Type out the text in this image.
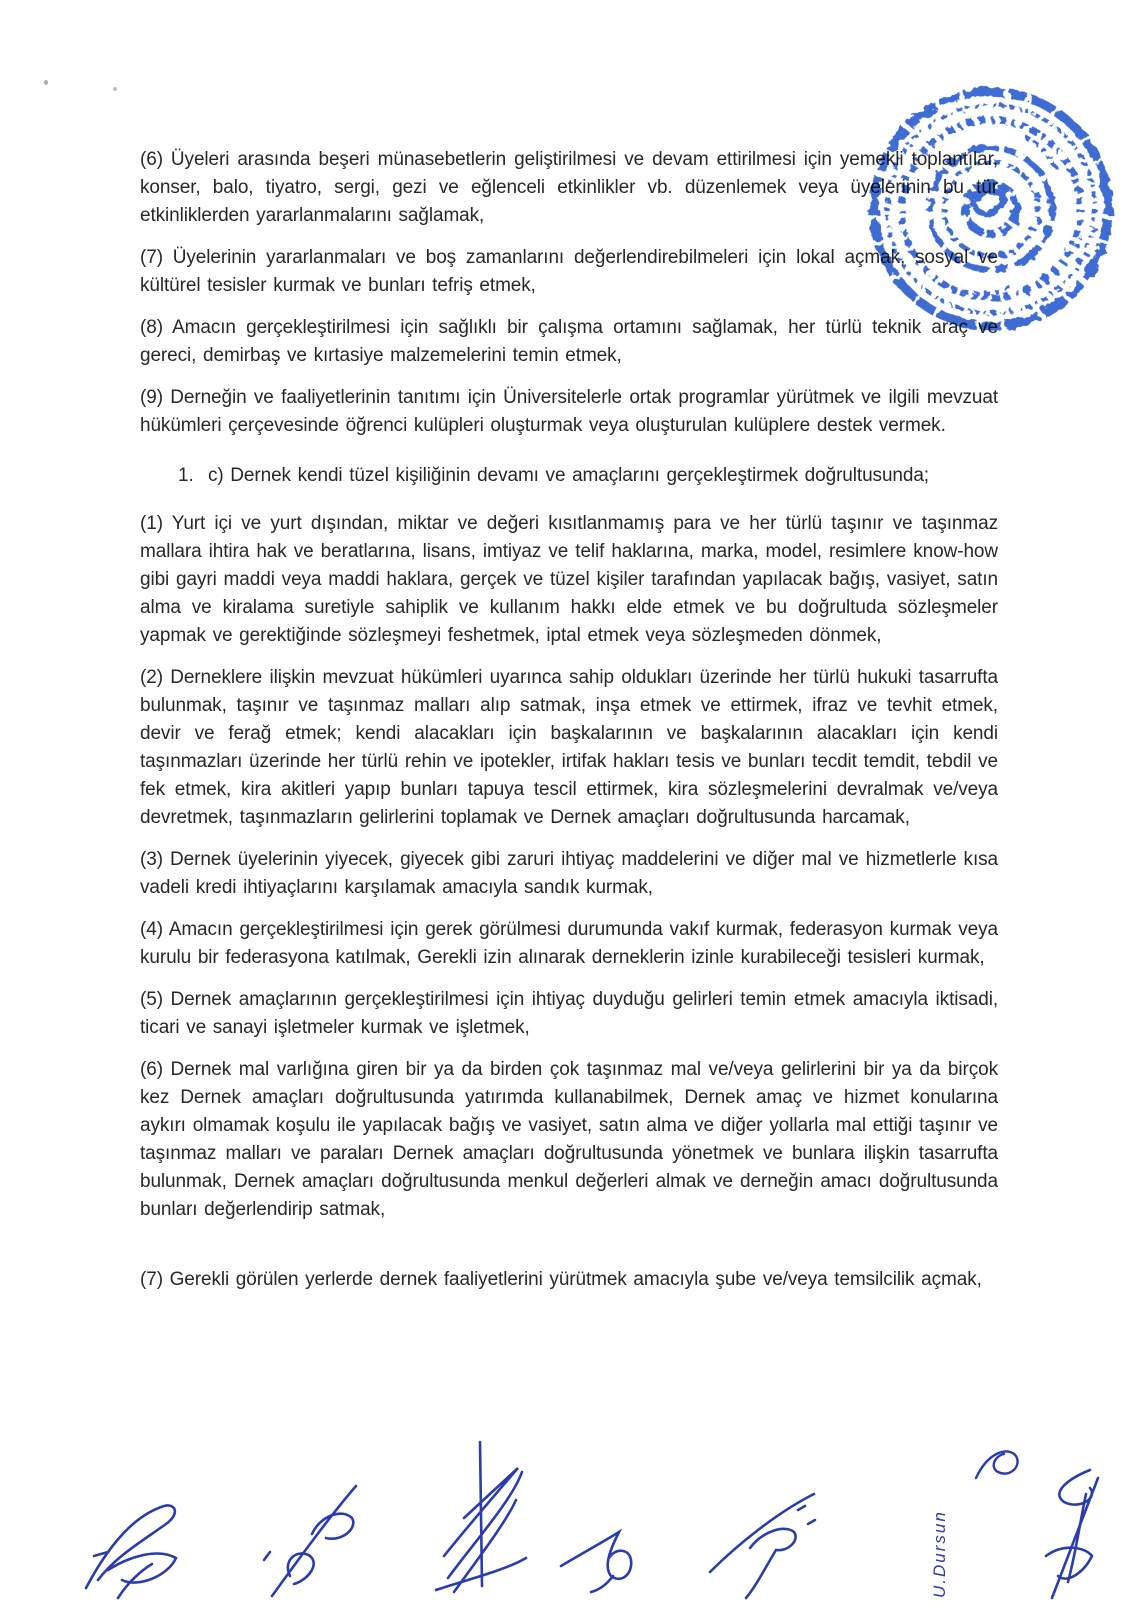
(6) Üyeleri arasında beşeri münasebetlerin geliştirilmesi ve devam ettirilmesi için yemekli toplantılar, konser, balo, tiyatro, sergi, gezi ve eğlenceli etkinlikler vb. düzenlemek veya üyelerinin bu tür etkinliklerden yararlanmalarını sağlamak,

(7) Üyelerinin yararlanmaları ve boş zamanlarını değerlendirebilmeleri için lokal açmak, sosyal ve kültürel tesisler kurmak ve bunları tefriş etmek,

(8) Amacın gerçekleştirilmesi için sağlıklı bir çalışma ortamını sağlamak, her türlü teknik araç ve gereci, demirbaş ve kırtasiye malzemelerini temin etmek,

(9) Derneğin ve faaliyetlerinin tanıtımı için Üniversitelerle ortak programlar yürütmek ve ilgili mevzuat hükümleri çerçevesinde öğrenci kulüpleri oluşturmak veya oluşturulan kulüplere destek vermek.

1. c) Dernek kendi tüzel kişiliğinin devamı ve amaçlarını gerçekleştirmek doğrultusunda;

(1) Yurt içi ve yurt dışından, miktar ve değeri kısıtlanmamış para ve her türlü taşınır ve taşınmaz mallara ihtira hak ve beratlarına, lisans, imtiyaz ve telif haklarına, marka, model, resimlere know-how gibi gayri maddi veya maddi haklara, gerçek ve tüzel kişiler tarafından yapılacak bağış, vasiyet, satın alma ve kiralama suretiyle sahiplik ve kullanım hakkı elde etmek ve bu doğrultuda sözleşmeler yapmak ve gerektiğinde sözleşmeyi feshetmek, iptal etmek veya sözleşmeden dönmek,

(2) Derneklere ilişkin mevzuat hükümleri uyarınca sahip oldukları üzerinde her türlü hukuki tasarrufta bulunmak, taşınır ve taşınmaz malları alıp satmak, inşa etmek ve ettirmek, ifraz ve tevhit etmek, devir ve ferağ etmek; kendi alacakları için başkalarının ve başkalarının alacakları için kendi taşınmazları üzerinde her türlü rehin ve ipotekler, irtifak hakları tesis ve bunları tecdit temdit, tebdil ve fek etmek, kira akitleri yapıp bunları tapuya tescil ettirmek, kira sözleşmelerini devralmak ve/veya devretmek, taşınmazların gelirlerini toplamak ve Dernek amaçları doğrultusunda harcamak,

(3) Dernek üyelerinin yiyecek, giyecek gibi zaruri ihtiyaç maddelerini ve diğer mal ve hizmetlerle kısa vadeli kredi ihtiyaçlarını karşılamak amacıyla sandık kurmak,

(4) Amacın gerçekleştirilmesi için gerek görülmesi durumunda vakıf kurmak, federasyon kurmak veya kurulu bir federasyona katılmak, Gerekli izin alınarak derneklerin izinle kurabileceği tesisleri kurmak,

(5) Dernek amaçlarının gerçekleştirilmesi için ihtiyaç duyduğu gelirleri temin etmek amacıyla iktisadi, ticari ve sanayi işletmeler kurmak ve işletmek,

(6) Dernek mal varlığına giren bir ya da birden çok taşınmaz mal ve/veya gelirlerini bir ya da birçok kez Dernek amaçları doğrultusunda yatırımda kullanabilmek, Dernek amaç ve hizmet konularına aykırı olmamak koşulu ile yapılacak bağış ve vasiyet, satın alma ve diğer yollarla mal ettiği taşınır ve taşınmaz malları ve paraları Dernek amaçları doğrultusunda yönetmek ve bunlara ilişkin tasarrufta bulunmak, Dernek amaçları doğrultusunda menkul değerleri almak ve derneğin amacı doğrultusunda bunları değerlendirip satmak,

(7) Gerekli görülen yerlerde dernek faaliyetlerini yürütmek amacıyla şube ve/veya temsilcilik açmak,

U.Dursun
